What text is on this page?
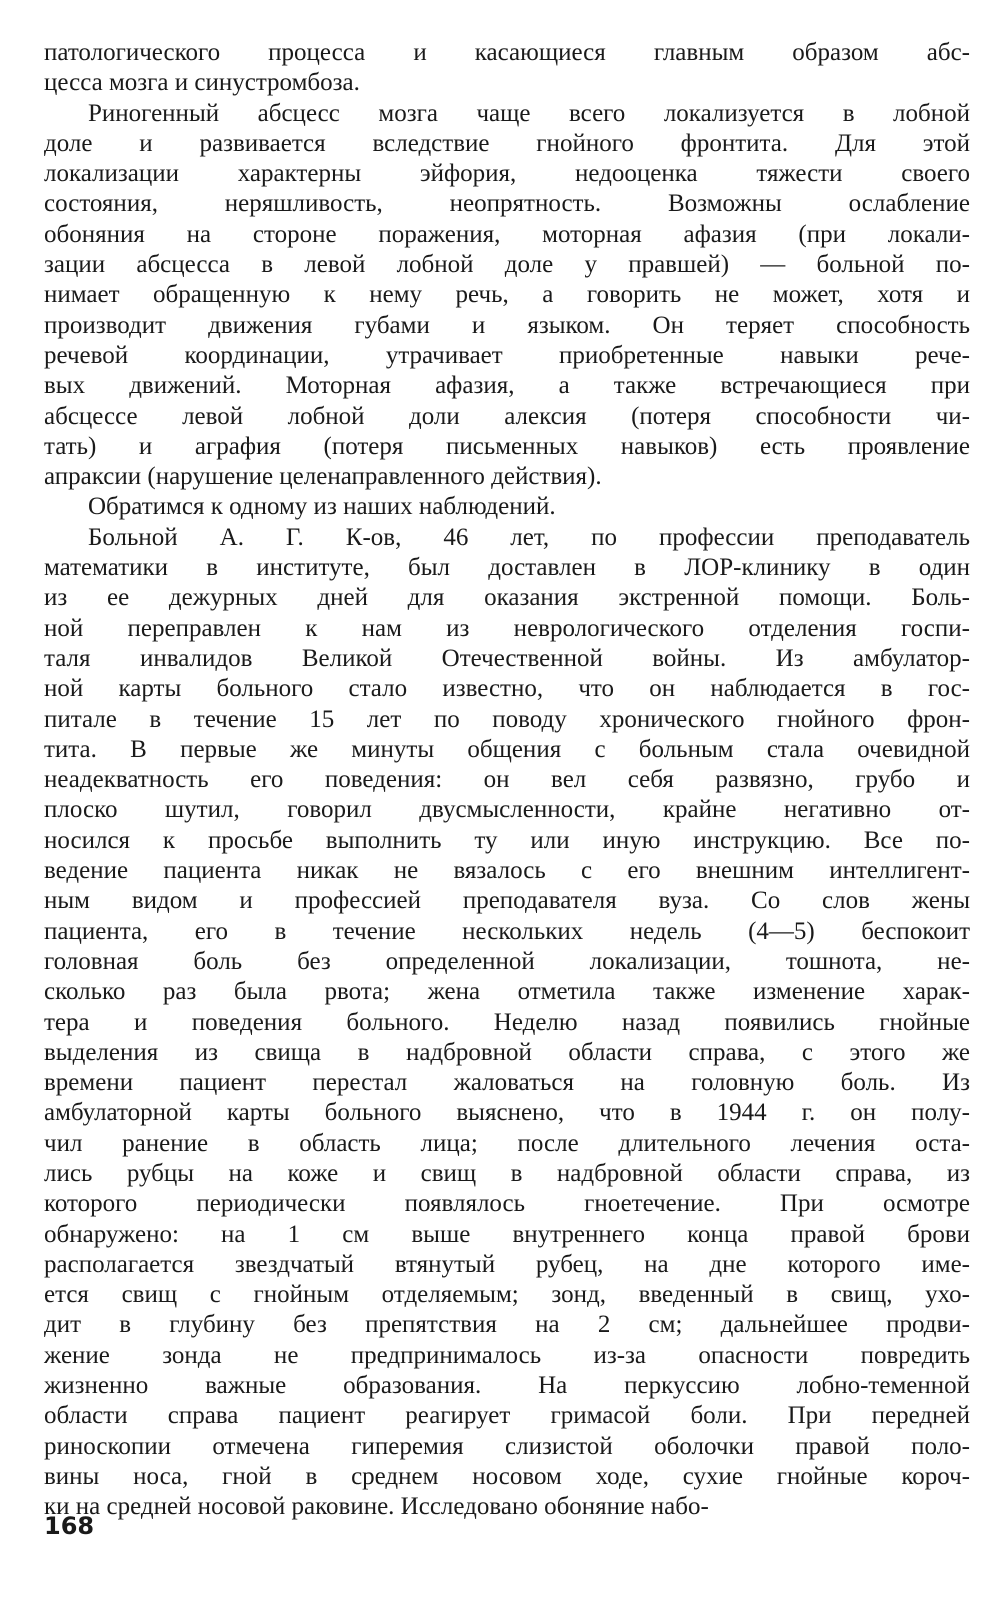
патологического процесса и касающиеся главным образом абс-
цесса мозга и синустромбоза.

Риногенный абсцесс мозга чаще всего локализуется в лобной
доле и развивается вследствие гнойного фронтита. Для этой
локализации характерны эйфория, недооценка тяжести своего
состояния, неряшливость, неопрятность. Возможны ослабление
обоняния на стороне поражения, моторная афазия (при локали-
зации абсцесса в левой лобной доле у правшей) — больной по-
нимает обращенную к нему речь, а говорить не может, хотя и
производит движения губами и языком. Он теряет способность
речевой координации, утрачивает приобретенные навыки рече-
вых движений. Моторная афазия, а также встречающиеся при
абсцессе левой лобной доли алексия (потеря способности чи-
тать) и аграфия (потеря письменных навыков) есть проявление
апраксии (нарушение целенаправленного действия).

Обратимся к одному из наших наблюдений.

Больной А. Г. К-ов, 46 лет, по профессии преподаватель
математики в институте, был доставлен в ЛОР-клинику в один
из ее дежурных дней для оказания экстренной помощи. Боль-
ной переправлен к нам из неврологического отделения госпи-
таля инвалидов Великой Отечественной войны. Из амбулатор-
ной карты больного стало известно, что он наблюдается в гос-
питале в течение 15 лет по поводу хронического гнойного фрон-
тита. В первые же минуты общения с больным стала очевидной
неадекватность его поведения: он вел себя развязно, грубо и
плоско шутил, говорил двусмысленности, крайне негативно от-
носился к просьбе выполнить ту или иную инструкцию. Все по-
ведение пациента никак не вязалось с его внешним интеллигент-
ным видом и профессией преподавателя вуза. Со слов жены
пациента, его в течение нескольких недель (4—5) беспокоит
головная боль без определенной локализации, тошнота, не-
сколько раз была рвота; жена отметила также изменение харак-
тера и поведения больного. Неделю назад появились гнойные
выделения из свища в надбровной области справа, с этого же
времени пациент перестал жаловаться на головную боль. Из
амбулаторной карты больного выяснено, что в 1944 г. он полу-
чил ранение в область лица; после длительного лечения оста-
лись рубцы на коже и свищ в надбровной области справа, из
которого периодически появлялось гноетечение. При осмотре
обнаружено: на 1 см выше внутреннего конца правой брови
располагается звездчатый втянутый рубец, на дне которого име-
ется свищ с гнойным отделяемым; зонд, введенный в свищ, ухо-
дит в глубину без препятствия на 2 см; дальнейшее продви-
жение зонда не предпринималось из-за опасности повредить
жизненно важные образования. На перкуссию лобно-теменной
области справа пациент реагирует гримасой боли. При передней
риноскопии отмечена гиперемия слизистой оболочки правой поло-
вины носа, гной в среднем носовом ходе, сухие гнойные короч-
ки на средней носовой раковине. Исследовано обоняние набо-

168
